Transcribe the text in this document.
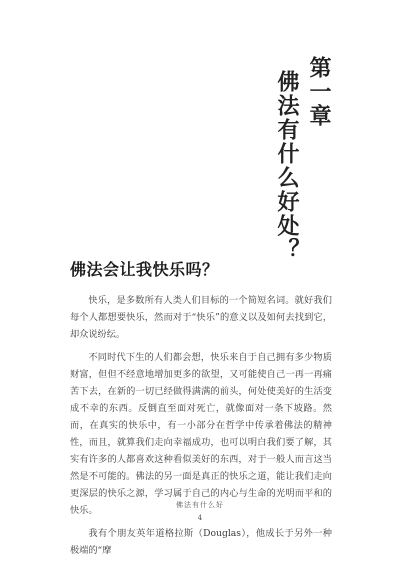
第一章
佛法有什么好处？
佛法会让我快乐吗？

快乐，是多数所有人类人们目标的一个简短名词。就好我们每个人都想要快乐，然而对于“快乐”的意义以及如何去找到它，却众说纷纭。

不同时代下生的人们都会想，快乐来自于自己拥有多少物质财富，但但不经意地增加更多的欲望，又可能使自己一再一再痛苦下去，在新的一切已经做得满满的前头，何处使美好的生活变成不幸的东西。反倒直至面对死亡，就像面对一条下坡路。然而，在真实的快乐中，有一小部分在哲学中传承着佛法的精神性，而且，就算我们走向幸福成功，也可以明白我们要了解，其实有许多的人都喜欢这种看似美好的东西，对于一般人而言这当然是不可能的。佛法的另一面是真正的快乐之道，能让我们走向更深层的快乐之源，学习属于自己的内心与生命的光明而平和的快乐。

我有个朋友英年道格拉斯（Douglas），他成长于另外一种极端的“摩

佛法有什么好
4
